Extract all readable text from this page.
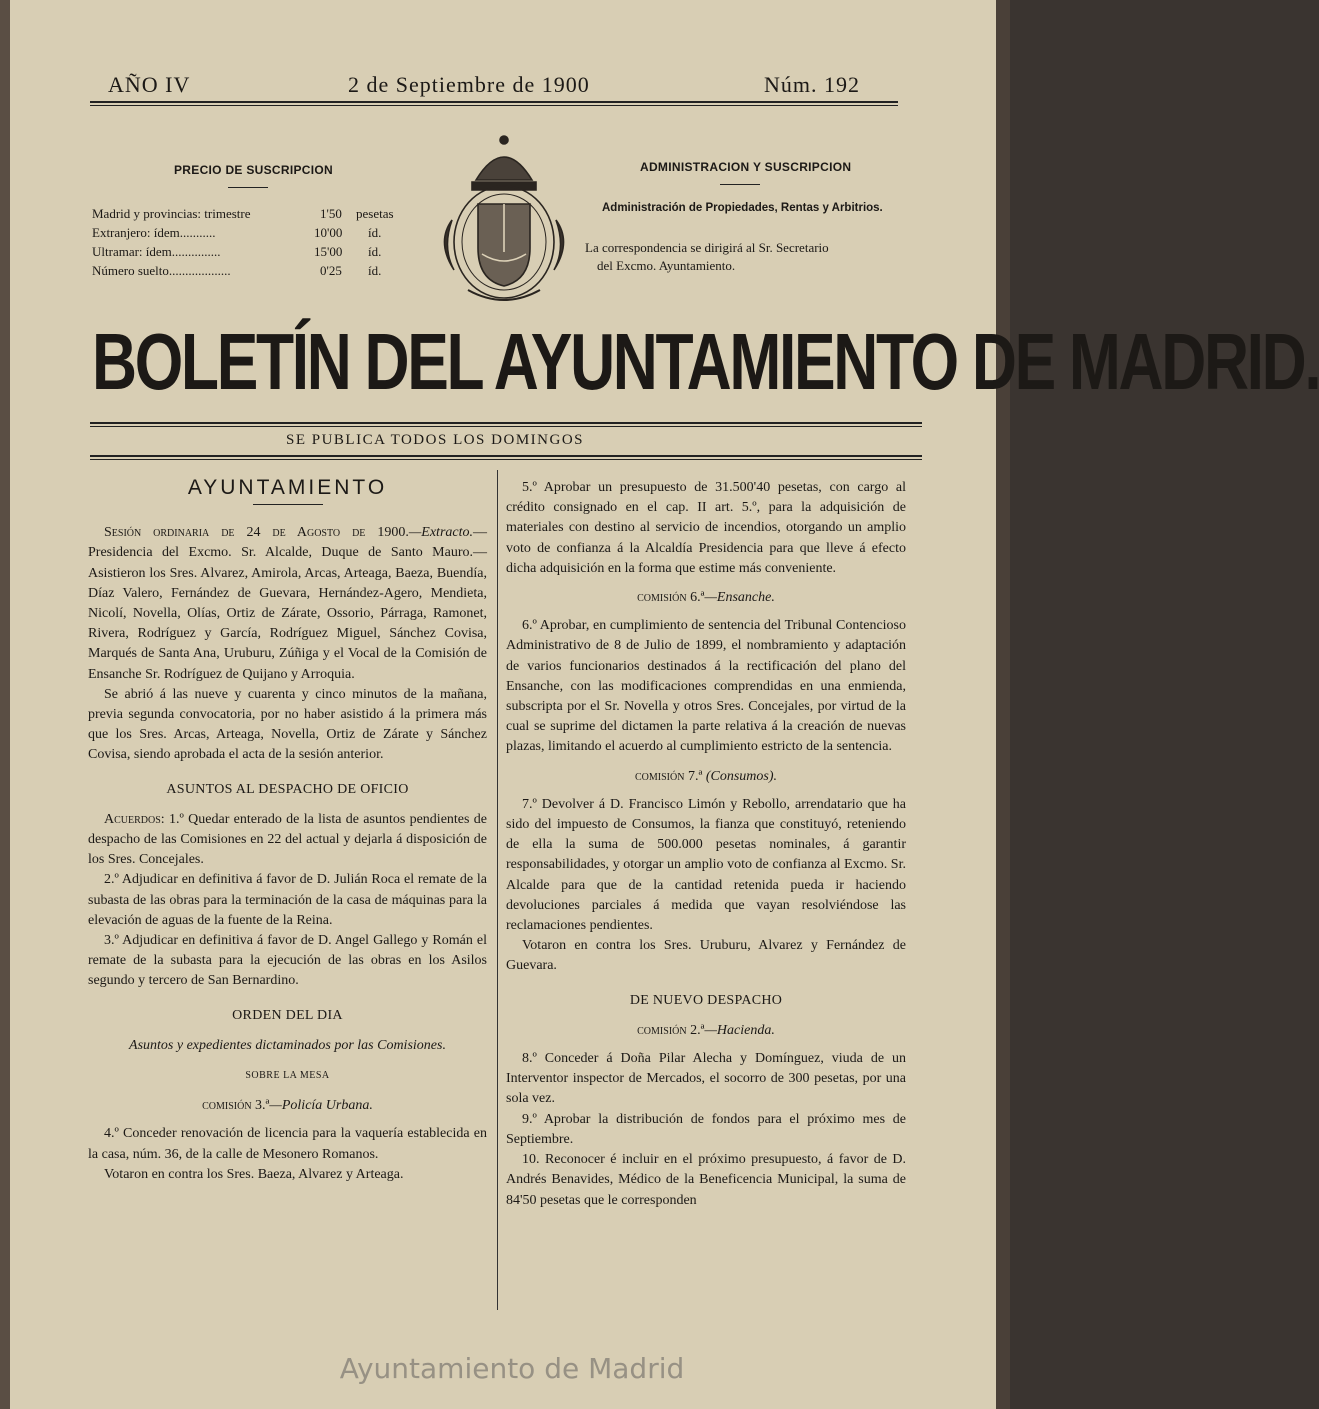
AÑO IV	2 de Septiembre de 1900	Núm. 192
PRECIO DE SUSCRIPCION
Madrid y provincias: trimestre	1'50 pesetas
Extranjero: ídem...........	10'00 íd.
Ultramar: ídem...............	15'00 íd.
Número suelto...................	0'25 íd.
ADMINISTRACION Y SUSCRIPCION
Administración de Propiedades, Rentas y Arbitrios.
La correspondencia se dirigirá al Sr. Secretario
del Excmo. Ayuntamiento.
BOLETÍN DEL AYUNTAMIENTO DE MADRID.
SE PUBLICA TODOS LOS DOMINGOS
AYUNTAMIENTO

Sesión ordinaria de 24 de Agosto de 1900.—Extracto.—Presidencia del Excmo. Sr. Alcalde, Duque de Santo Mauro.—Asistieron los Sres. Alvarez, Amirola, Arcas, Arteaga, Baeza, Buendía, Díaz Valero, Fernández de Guevara, Hernández-Agero, Mendieta, Nicolí, Novella, Olías, Ortiz de Zárate, Ossorio, Párraga, Ramonet, Rivera, Rodríguez y García, Rodríguez Miguel, Sánchez Covisa, Marqués de Santa Ana, Uruburu, Zúñiga y el Vocal de la Comisión de Ensanche Sr. Rodríguez de Quijano y Arroquia.

Se abrió á las nueve y cuarenta y cinco minutos de la mañana, previa segunda convocatoria, por no haber asistido á la primera más que los Sres. Arcas, Arteaga, Novella, Ortiz de Zárate y Sánchez Covisa, siendo aprobada el acta de la sesión anterior.

ASUNTOS AL DESPACHO DE OFICIO

Acuerdos: 1.º Quedar enterado de la lista de asuntos pendientes de despacho de las Comisiones en 22 del actual y dejarla á disposición de los Sres. Concejales.

2.º Adjudicar en definitiva á favor de D. Julián Roca el remate de la subasta de las obras para la terminación de la casa de máquinas para la elevación de aguas de la fuente de la Reina.

3.º Adjudicar en definitiva á favor de D. Angel Gallego y Román el remate de la subasta para la ejecución de las obras en los Asilos segundo y tercero de San Bernardino.

ORDEN DEL DIA

Asuntos y expedientes dictaminados por las Comisiones.

SOBRE LA MESA

comisión 3.ª—Policía Urbana.

4.º Conceder renovación de licencia para la vaquería establecida en la casa, núm. 36, de la calle de Mesonero Romanos.

Votaron en contra los Sres. Baeza, Alvarez y Arteaga.

5.º Aprobar un presupuesto de 31.500'40 pesetas, con cargo al crédito consignado en el cap. II art. 5.º, para la adquisición de materiales con destino al servicio de incendios, otorgando un amplio voto de confianza á la Alcaldía Presidencia para que lleve á efecto dicha adquisición en la forma que estime más conveniente.

comisión 6.ª—Ensanche.

6.º Aprobar, en cumplimiento de sentencia del Tribunal Contencioso Administrativo de 8 de Julio de 1899, el nombramiento y adaptación de varios funcionarios destinados á la rectificación del plano del Ensanche, con las modificaciones comprendidas en una enmienda, subscripta por el Sr. Novella y otros Sres. Concejales, por virtud de la cual se suprime del dictamen la parte relativa á la creación de nuevas plazas, limitando el acuerdo al cumplimiento estricto de la sentencia.

comisión 7.ª (Consumos).

7.º Devolver á D. Francisco Limón y Rebollo, arrendatario que ha sido del impuesto de Consumos, la fianza que constituyó, reteniendo de ella la suma de 500.000 pesetas nominales, á garantir responsabilidades, y otorgar un amplio voto de confianza al Excmo. Sr. Alcalde para que de la cantidad retenida pueda ir haciendo devoluciones parciales á medida que vayan resolviéndose las reclamaciones pendientes.

Votaron en contra los Sres. Uruburu, Alvarez y Fernández de Guevara.

DE NUEVO DESPACHO

comisión 2.ª—Hacienda.

8.º Conceder á Doña Pilar Alecha y Domínguez, viuda de un Interventor inspector de Mercados, el socorro de 300 pesetas, por una sola vez.

9.º Aprobar la distribución de fondos para el próximo mes de Septiembre.

10. Reconocer é incluir en el próximo presupuesto, á favor de D. Andrés Benavides, Médico de la Beneficencia Municipal, la suma de 84'50 pesetas que le corresponden

Ayuntamiento de Madrid
